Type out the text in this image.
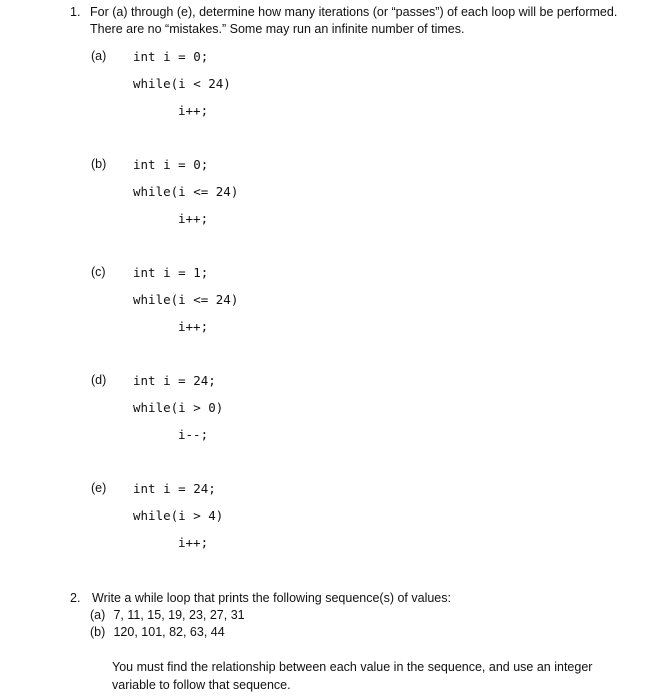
1. For (a) through (e), determine how many iterations (or “passes”) of each loop will be performed. There are no “mistakes.” Some may run an infinite number of times.
(a) int i = 0;
while(i < 24)
i++;
(b) int i = 0;
while(i <= 24)
i++;
(c) int i = 1;
while(i <= 24)
i++;
(d) int i = 24;
while(i > 0)
i--;
(e) int i = 24;
while(i > 4)
i++;
2. Write a while loop that prints the following sequence(s) of values:
(a) 7, 11, 15, 19, 23, 27, 31
(b) 120, 101, 82, 63, 44
You must find the relationship between each value in the sequence, and use an integer variable to follow that sequence.
